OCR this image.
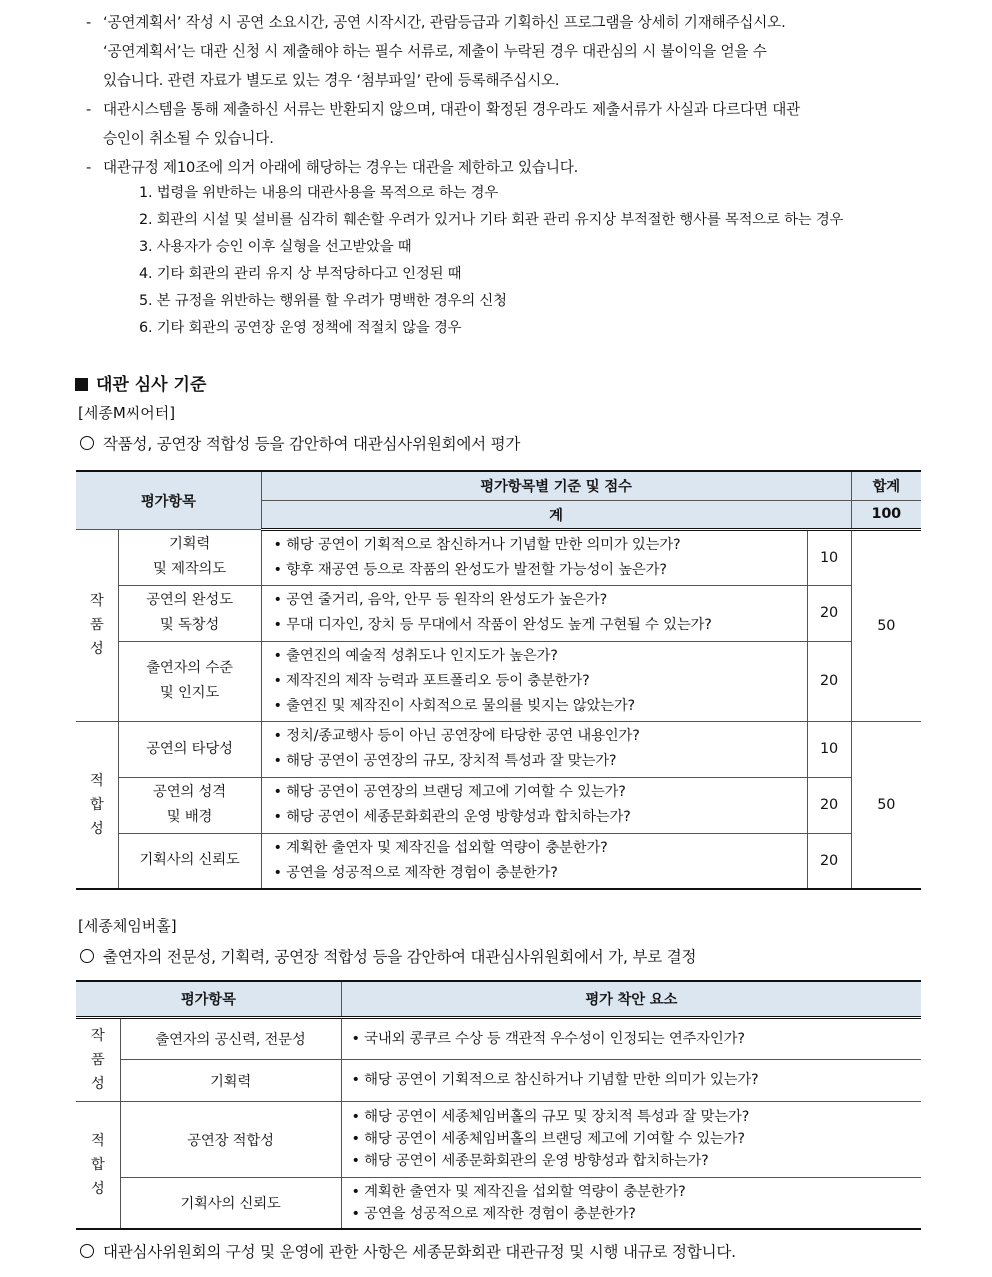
- ‘공연계획서’ 작성 시 공연 소요시간, 공연 시작시간, 관람등급과 기획하신 프로그램을 상세히 기재해주십시오.
‘공연계획서’는 대관 신청 시 제출해야 하는 필수 서류로, 제출이 누락된 경우 대관심의 시 불이익을 얻을 수
있습니다. 관련 자료가 별도로 있는 경우 ‘첨부파일’ 란에 등록해주십시오.

- 대관시스템을 통해 제출하신 서류는 반환되지 않으며, 대관이 확정된 경우라도 제출서류가 사실과 다르다면 대관
승인이 취소될 수 있습니다.

- 대관규정 제10조에 의거 아래에 해당하는 경우는 대관을 제한하고 있습니다.

1. 법령을 위반하는 내용의 대관사용을 목적으로 하는 경우
2. 회관의 시설 및 설비를 심각히 훼손할 우려가 있거나 기타 회관 관리 유지상 부적절한 행사를 목적으로 하는 경우
3. 사용자가 승인 이후 실형을 선고받았을 때
4. 기타 회관의 관리 유지 상 부적당하다고 인정된 때
5. 본 규정을 위반하는 행위를 할 우려가 명백한 경우의 신청
6. 기타 회관의 공연장 운영 정책에 적절치 않을 경우
대관 심사 기준
[세종M씨어터]
작품성, 공연장 적합성 등을 감안하여 대관심사위원회에서 평가
평가항목		평가항목별 기준 및 점수		합계
		계		100
작
품
성	기획력
및 제작의도	• 해당 공연이 기획적으로 참신하거나 기념할 만한 의미가 있는가?
• 향후 재공연 등으로 작품의 완성도가 발전할 가능성이 높은가?	10	50
	공연의 완성도
및 독창성	• 공연 줄거리, 음악, 안무 등 원작의 완성도가 높은가?
• 무대 디자인, 장치 등 무대에서 작품이 완성도 높게 구현될 수 있는가?	20	
	출연자의 수준
및 인지도	• 출연진의 예술적 성취도나 인지도가 높은가?
• 제작진의 제작 능력과 포트폴리오 등이 충분한가?
• 출연진 및 제작진이 사회적으로 물의를 빚지는 않았는가?	20	
적
합
성	공연의 타당성	• 정치/종교행사 등이 아닌 공연장에 타당한 공연 내용인가?
• 해당 공연이 공연장의 규모, 장치적 특성과 잘 맞는가?	10	50
	공연의 성격
및 배경	• 해당 공연이 공연장의 브랜딩 제고에 기여할 수 있는가?
• 해당 공연이 세종문화회관의 운영 방향성과 합치하는가?	20	
	기획사의 신뢰도	• 계획한 출연자 및 제작진을 섭외할 역량이 충분한가?
• 공연을 성공적으로 제작한 경험이 충분한가?	20	
[세종체임버홀]
출연자의 전문성, 기획력, 공연장 적합성 등을 감안하여 대관심사위원회에서 가, 부로 결정
평가항목		평가 착안 요소
작
품
성	출연자의 공신력, 전문성	• 국내외 콩쿠르 수상 등 객관적 우수성이 인정되는 연주자인가?

	기획력	• 해당 공연이 기획적으로 참신하거나 기념할 만한 의미가 있는가?

적
합
성	공연장 적합성	• 해당 공연이 세종체임버홀의 규모 및 장치적 특성과 잘 맞는가?
• 해당 공연이 세종체임버홀의 브랜딩 제고에 기여할 수 있는가?
• 해당 공연이 세종문화회관의 운영 방향성과 합치하는가?

	기획사의 신뢰도	• 계획한 출연자 및 제작진을 섭외할 역량이 충분한가?
• 공연을 성공적으로 제작한 경험이 충분한가?
대관심사위원회의 구성 및 운영에 관한 사항은 세종문화회관 대관규정 및 시행 내규로 정합니다.
